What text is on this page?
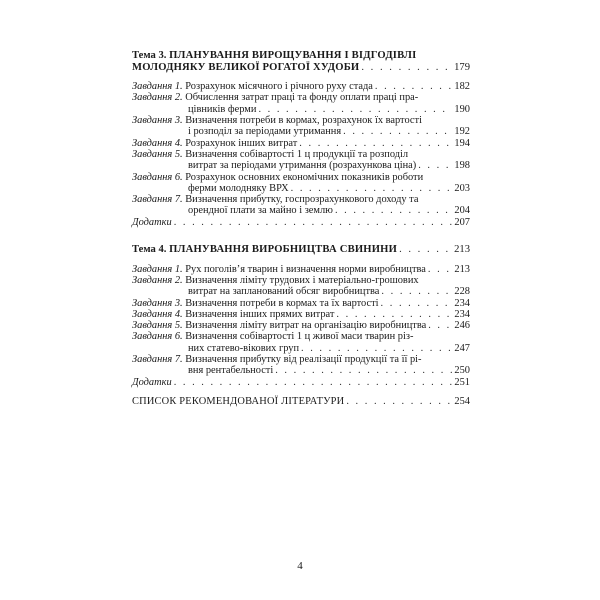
Тема 3. ПЛАНУВАННЯ ВИРОЩУВАННЯ І ВІДГОДІВЛІ
МОЛОДНЯКУ ВЕЛИКОЇ РОГАТОЇ ХУДОБИ . . .	179
Завдання 1. Розрахунок місячного і річного руху стада . . .	182
Завдання 2. Обчислення затрат праці та фонду оплати праці пра-
цівників ферми . . .	190
Завдання 3. Визначення потреби в кормах, розрахунок їх вартості
і розподіл за періодами утримання . . .	192
Завдання 4. Розрахунок інших витрат . . .	194
Завдання 5. Визначення собівартості 1 ц продукції та розподіл
витрат за періодами утримання (розрахункова ціна) . . .	198
Завдання 6. Розрахунок основних економічних показників роботи
ферми молодняку ВРХ . . .	203
Завдання 7. Визначення прибутку, госпрозрахункового доходу та
орендної плати за майно і землю . . .	204
Додатки . . .	207
Тема 4. ПЛАНУВАННЯ ВИРОБНИЦТВА СВИНИНИ . . .	213
Завдання 1. Рух поголів’я тварин і визначення норми виробництва . . .	213
Завдання 2. Визначення ліміту трудових і матеріально-грошових
витрат на запланований обсяг виробництва . . .	228
Завдання 3. Визначення потреби в кормах та їх вартості . . .	234
Завдання 4. Визначення інших прямих витрат . . .	234
Завдання 5. Визначення ліміту витрат на організацію виробництва . . .	246
Завдання 6. Визначення собівартості 1 ц живої маси тварин різ-
них статево-вікових груп . . .	247
Завдання 7. Визначення прибутку від реалізації продукції та її рі-
вня рентабельності . . .	250
Додатки . . .	251
СПИСОК РЕКОМЕНДОВАНОЇ ЛІТЕРАТУРИ . . .	254
4
